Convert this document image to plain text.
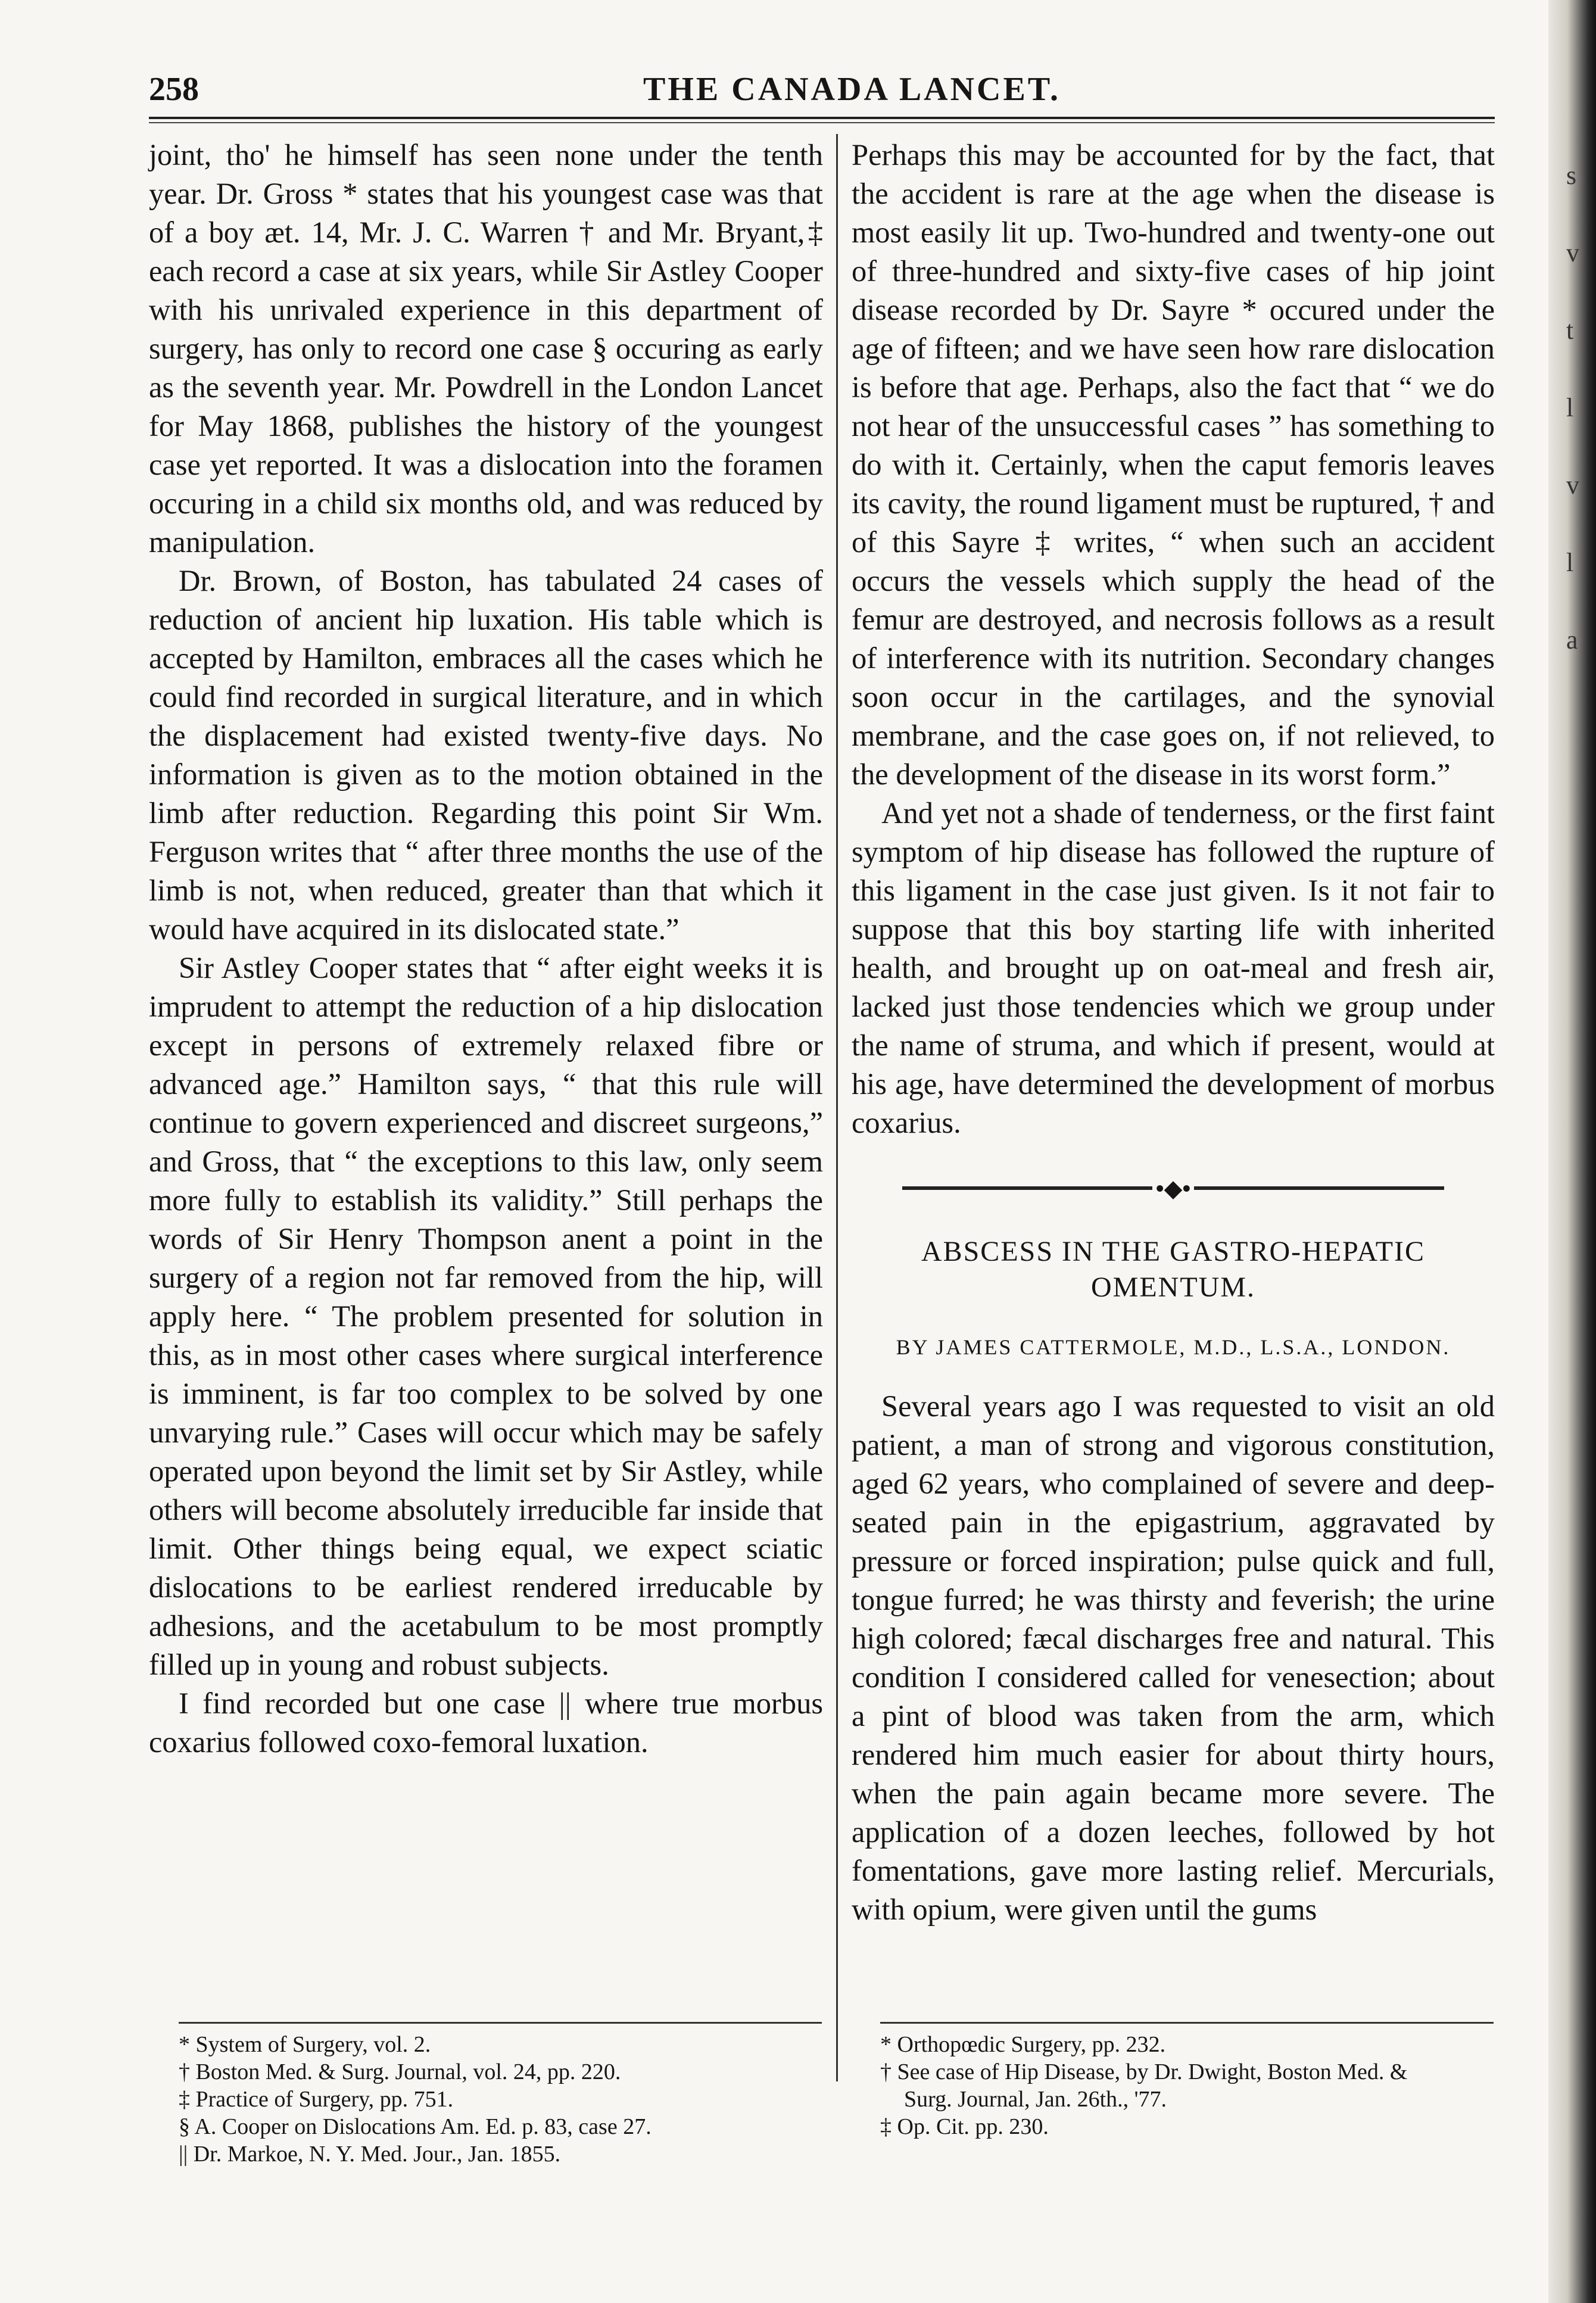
258	THE CANADA LANCET.

joint, tho' he himself has seen none under the tenth year. Dr. Gross * states that his youngest case was that of a boy æt. 14, Mr. J. C. Warren † and Mr. Bryant,‡ each record a case at six years, while Sir Astley Cooper with his unrivaled experience in this department of surgery, has only to record one case § occuring as early as the seventh year. Mr. Powdrell in the London Lancet for May 1868, publishes the history of the youngest case yet reported. It was a dislocation into the foramen occuring in a child six months old, and was reduced by manipulation.

Dr. Brown, of Boston, has tabulated 24 cases of reduction of ancient hip luxation. His table which is accepted by Hamilton, embraces all the cases which he could find recorded in surgical literature, and in which the displacement had existed twenty-five days. No information is given as to the motion obtained in the limb after reduction. Regarding this point Sir Wm. Ferguson writes that “ after three months the use of the limb is not, when reduced, greater than that which it would have acquired in its dislocated state.”

Sir Astley Cooper states that “ after eight weeks it is imprudent to attempt the reduction of a hip dislocation except in persons of extremely relaxed fibre or advanced age.” Hamilton says, “ that this rule will continue to govern experienced and discreet surgeons,” and Gross, that “ the exceptions to this law, only seem more fully to establish its validity.” Still perhaps the words of Sir Henry Thompson anent a point in the surgery of a region not far removed from the hip, will apply here. “ The problem presented for solution in this, as in most other cases where surgical interference is imminent, is far too complex to be solved by one unvarying rule.” Cases will occur which may be safely operated upon beyond the limit set by Sir Astley, while others will become absolutely irreducible far inside that limit. Other things being equal, we expect sciatic dislocations to be earliest rendered irreducable by adhesions, and the acetabulum to be most promptly filled up in young and robust subjects.

I find recorded but one case || where true morbus coxarius followed coxo-femoral luxation.

Perhaps this may be accounted for by the fact, that the accident is rare at the age when the disease is most easily lit up. Two-hundred and twenty-one out of three-hundred and sixty-five cases of hip joint disease recorded by Dr. Sayre * occured under the age of fifteen; and we have seen how rare dislocation is before that age. Perhaps, also the fact that “ we do not hear of the unsuccessful cases ” has something to do with it. Certainly, when the caput femoris leaves its cavity, the round ligament must be ruptured, † and of this Sayre ‡ writes, “ when such an accident occurs the vessels which supply the head of the femur are destroyed, and necrosis follows as a result of interference with its nutrition. Secondary changes soon occur in the cartilages, and the synovial membrane, and the case goes on, if not relieved, to the development of the disease in its worst form.”

And yet not a shade of tenderness, or the first faint symptom of hip disease has followed the rupture of this ligament in the case just given. Is it not fair to suppose that this boy starting life with inherited health, and brought up on oat-meal and fresh air, lacked just those tendencies which we group under the name of struma, and which if present, would at his age, have determined the development of morbus coxarius.

•◆•
ABSCESS IN THE GASTRO-HEPATIC
OMENTUM.
BY JAMES CATTERMOLE, M.D., L.S.A., LONDON.

Several years ago I was requested to visit an old patient, a man of strong and vigorous constitution, aged 62 years, who complained of severe and deep-seated pain in the epigastrium, aggravated by pressure or forced inspiration; pulse quick and full, tongue furred; he was thirsty and feverish; the urine high colored; fæcal discharges free and natural. This condition I considered called for venesection; about a pint of blood was taken from the arm, which rendered him much easier for about thirty hours, when the pain again became more severe. The application of a dozen leeches, followed by hot fomentations, gave more lasting relief. Mercurials, with opium, were given until the gums

* System of Surgery, vol. 2.
† Boston Med. & Surg. Journal, vol. 24, pp. 220.
‡ Practice of Surgery, pp. 751.
§ A. Cooper on Dislocations Am. Ed. p. 83, case 27.
|| Dr. Markoe, N. Y. Med. Jour., Jan. 1855.
* Orthopœdic Surgery, pp. 232.
† See case of Hip Disease, by Dr. Dwight, Boston Med. &
Surg. Journal, Jan. 26th., '77.
‡ Op. Cit. pp. 230.
s
v
t
l
v
l
a
